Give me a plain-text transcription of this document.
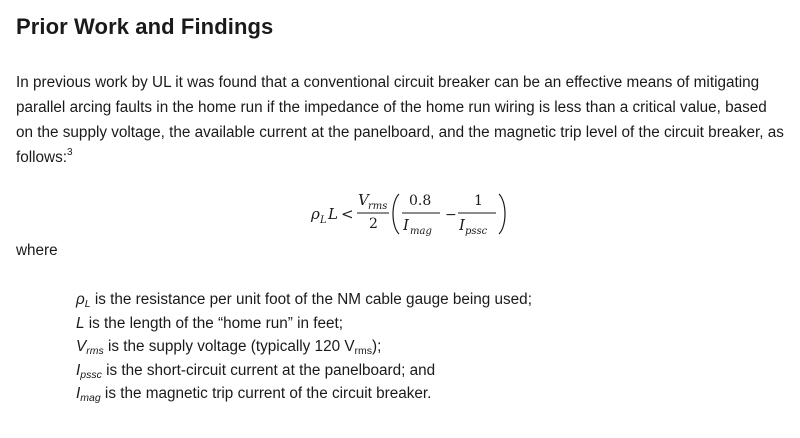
Prior Work and Findings
In previous work by UL it was found that a conventional circuit breaker can be an effective means of mitigating parallel arcing faults in the home run if the impedance of the home run wiring is less than a critical value, based on the supply voltage, the available current at the panelboard, and the magnetic trip level of the circuit breaker, as follows:$^3$
ρ L L <
V rms
2
0.8
I mag
−
1
I pssc
where
$\rho_L$ is the resistance per unit foot of the NM cable gauge being used;
L is the length of the “home run” in feet;
$V_{rms}$ is the supply voltage (typically 120 $V_{rms}$);
$I_{pssc}$ is the short-circuit current at the panelboard; and
$I_{mag}$ is the magnetic trip current of the circuit breaker.
